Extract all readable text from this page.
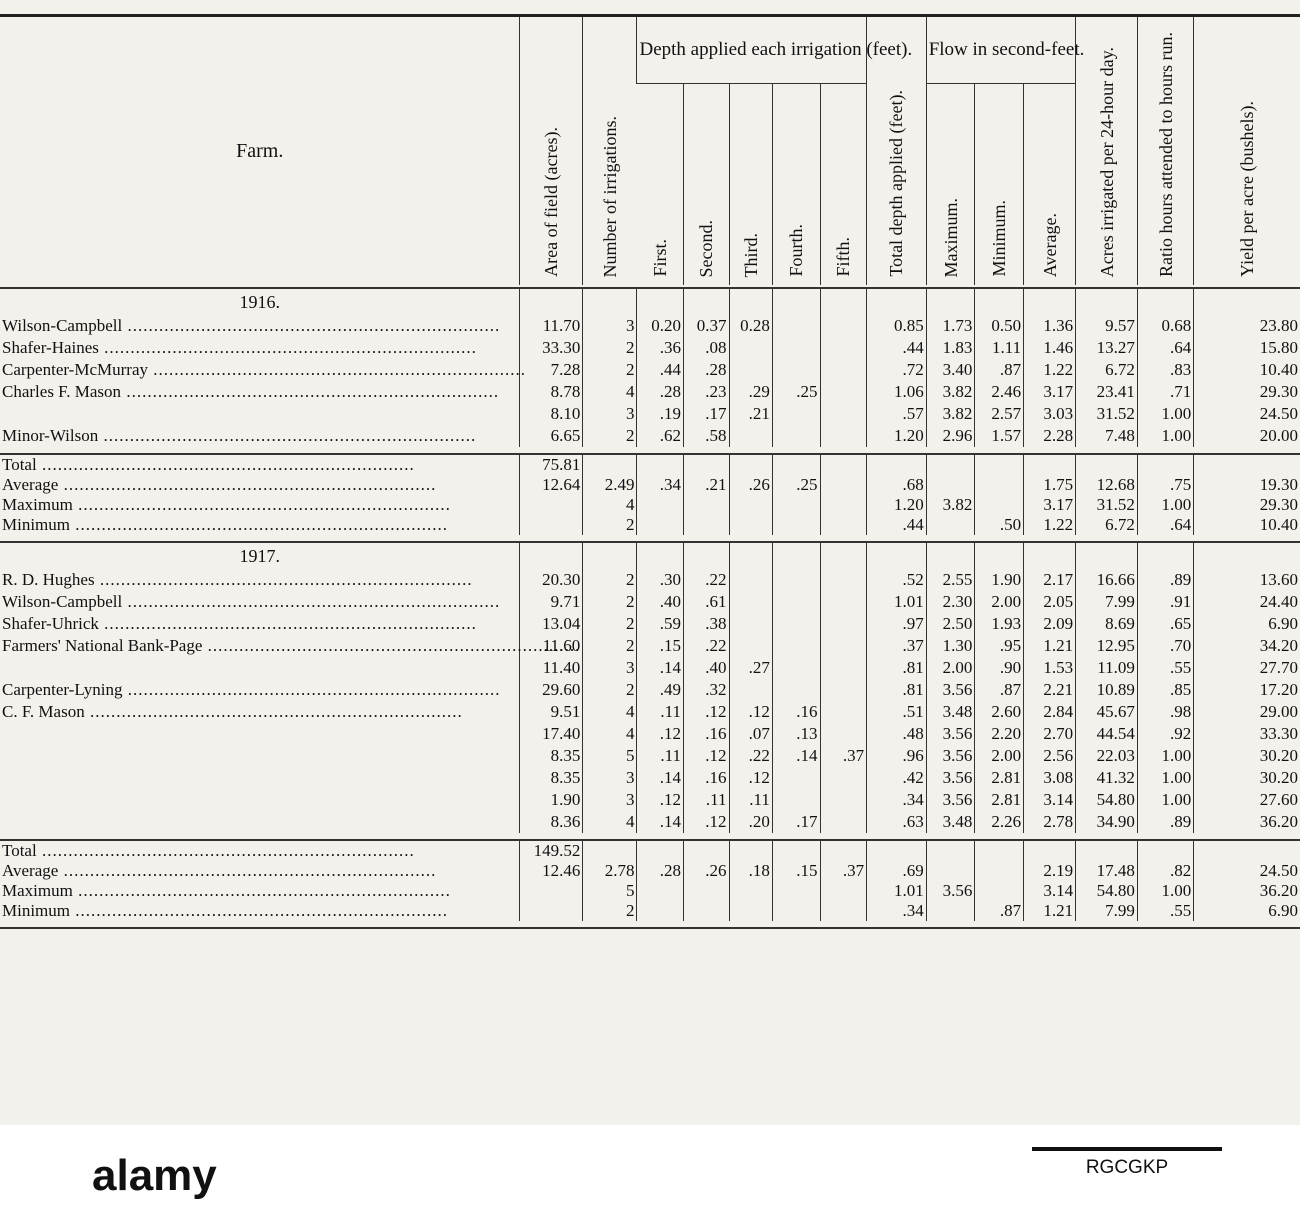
Farm.	Area of field (acres).	Number of irrigations.	Depth applied each irrigation (feet).					Total depth applied (feet).	Flow in second-feet.			Acres irrigated per 24-hour day.	Ratio hours attended to hours run.	Yield per acre (bushels).

			First.	Second.	Third.	Fourth.	Fifth.		Maximum.	Minimum.	Average.			

1916.														
Wilson-Campbell .....	11.70	3	0.20	0.37	0.28			0.85	1.73	0.50	1.36	9.57	0.68	23.80
Shafer-Haines .....	33.30	2	.36	.08				.44	1.83	1.11	1.46	13.27	.64	15.80
Carpenter-McMurray .....	7.28	2	.44	.28				.72	3.40	.87	1.22	6.72	.83	10.40
Charles F. Mason .....	8.78	4	.28	.23	.29	.25		1.06	3.82	2.46	3.17	23.41	.71	29.30
	8.10	3	.19	.17	.21			.57	3.82	2.57	3.03	31.52	1.00	24.50
Minor-Wilson .....	6.65	2	.62	.58				1.20	2.96	1.57	2.28	7.48	1.00	20.00

Total .....	75.81													
Average .....	12.64	2.49	.34	.21	.26	.25		.68			1.75	12.68	.75	19.30
Maximum .....		4						1.20	3.82		3.17	31.52	1.00	29.30
Minimum .....		2						.44		.50	1.22	6.72	.64	10.40

1917.														
R. D. Hughes .....	20.30	2	.30	.22				.52	2.55	1.90	2.17	16.66	.89	13.60
Wilson-Campbell .....	9.71	2	.40	.61				1.01	2.30	2.00	2.05	7.99	.91	24.40
Shafer-Uhrick .....	13.04	2	.59	.38				.97	2.50	1.93	2.09	8.69	.65	6.90
Farmers' National Bank-Page .....	11.60	2	.15	.22				.37	1.30	.95	1.21	12.95	.70	34.20
	11.40	3	.14	.40	.27			.81	2.00	.90	1.53	11.09	.55	27.70
Carpenter-Lyning .....	29.60	2	.49	.32				.81	3.56	.87	2.21	10.89	.85	17.20
C. F. Mason .....	9.51	4	.11	.12	.12	.16		.51	3.48	2.60	2.84	45.67	.98	29.00
	17.40	4	.12	.16	.07	.13		.48	3.56	2.20	2.70	44.54	.92	33.30
	8.35	5	.11	.12	.22	.14	.37	.96	3.56	2.00	2.56	22.03	1.00	30.20
	8.35	3	.14	.16	.12			.42	3.56	2.81	3.08	41.32	1.00	30.20
	1.90	3	.12	.11	.11			.34	3.56	2.81	3.14	54.80	1.00	27.60
	8.36	4	.14	.12	.20	.17		.63	3.48	2.26	2.78	34.90	.89	36.20

Total .....	149.52													
Average .....	12.46	2.78	.28	.26	.18	.15	.37	.69			2.19	17.48	.82	24.50
Maximum .....		5						1.01	3.56		3.14	54.80	1.00	36.20
Minimum .....		2						.34		.87	1.21	7.99	.55	6.90

alamy	RGCGKP
